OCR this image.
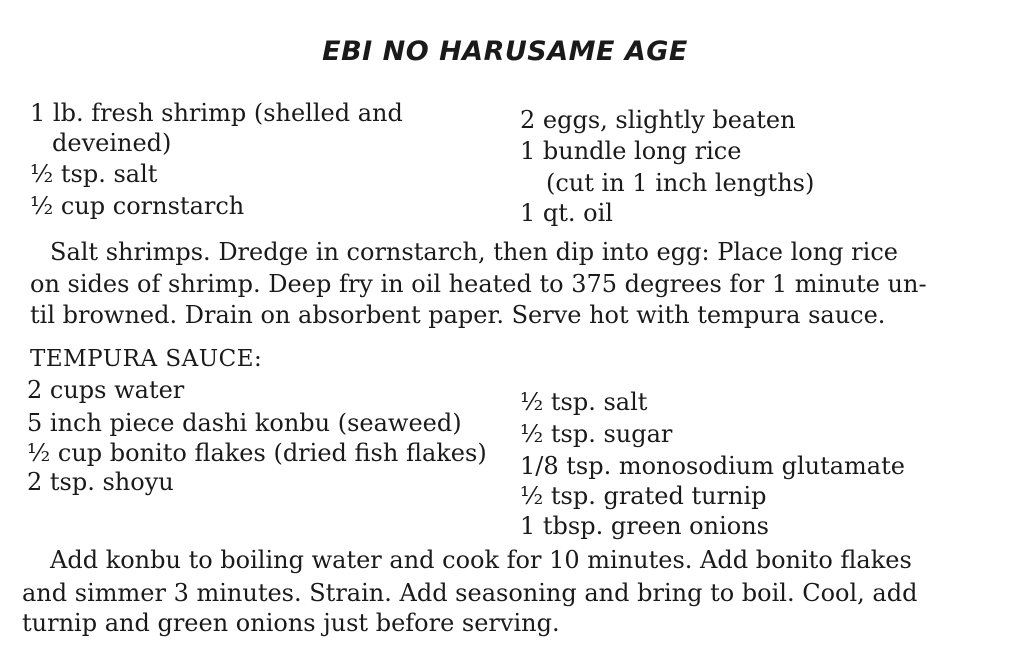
EBI NO HARUSAME AGE
1 lb. fresh shrimp (shelled and
deveined)
½ tsp. salt
½ cup cornstarch
2 eggs, slightly beaten
1 bundle long rice
(cut in 1 inch lengths)
1 qt. oil
Salt shrimps. Dredge in cornstarch, then dip into egg: Place long rice
on sides of shrimp. Deep fry in oil heated to 375 degrees for 1 minute un-
til browned. Drain on absorbent paper. Serve hot with tempura sauce.
TEMPURA SAUCE:
2 cups water
5 inch piece dashi konbu (seaweed)
½ cup bonito flakes (dried fish flakes)
2 tsp. shoyu
½ tsp. salt
½ tsp. sugar
1/8 tsp. monosodium glutamate
½ tsp. grated turnip
1 tbsp. green onions
Add konbu to boiling water and cook for 10 minutes. Add bonito flakes
and simmer 3 minutes. Strain. Add seasoning and bring to boil. Cool, add
turnip and green onions just before serving.
